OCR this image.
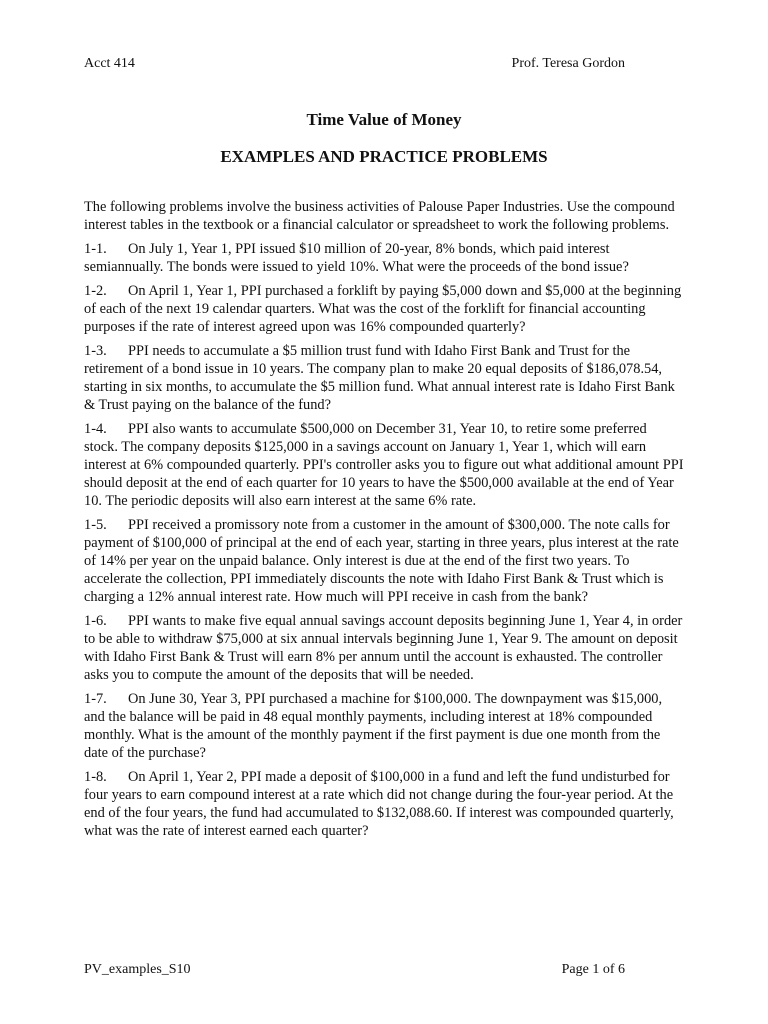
Acct 414	Prof. Teresa Gordon
Time Value of Money
EXAMPLES AND PRACTICE PROBLEMS

The following problems involve the business activities of Palouse Paper Industries. Use the compound interest tables in the textbook or a financial calculator or spreadsheet to work the following problems.

1-1. On July 1, Year 1, PPI issued $10 million of 20-year, 8% bonds, which paid interest semiannually. The bonds were issued to yield 10%. What were the proceeds of the bond issue?

1-2. On April 1, Year 1, PPI purchased a forklift by paying $5,000 down and $5,000 at the beginning of each of the next 19 calendar quarters. What was the cost of the forklift for financial accounting purposes if the rate of interest agreed upon was 16% compounded quarterly?

1-3. PPI needs to accumulate a $5 million trust fund with Idaho First Bank and Trust for the retirement of a bond issue in 10 years. The company plan to make 20 equal deposits of $186,078.54, starting in six months, to accumulate the $5 million fund. What annual interest rate is Idaho First Bank & Trust paying on the balance of the fund?

1-4. PPI also wants to accumulate $500,000 on December 31, Year 10, to retire some preferred stock. The company deposits $125,000 in a savings account on January 1, Year 1, which will earn interest at 6% compounded quarterly. PPI's controller asks you to figure out what additional amount PPI should deposit at the end of each quarter for 10 years to have the $500,000 available at the end of Year 10. The periodic deposits will also earn interest at the same 6% rate.

1-5. PPI received a promissory note from a customer in the amount of $300,000. The note calls for payment of $100,000 of principal at the end of each year, starting in three years, plus interest at the rate of 14% per year on the unpaid balance. Only interest is due at the end of the first two years. To accelerate the collection, PPI immediately discounts the note with Idaho First Bank & Trust which is charging a 12% annual interest rate. How much will PPI receive in cash from the bank?

1-6. PPI wants to make five equal annual savings account deposits beginning June 1, Year 4, in order to be able to withdraw $75,000 at six annual intervals beginning June 1, Year 9. The amount on deposit with Idaho First Bank & Trust will earn 8% per annum until the account is exhausted. The controller asks you to compute the amount of the deposits that will be needed.

1-7. On June 30, Year 3, PPI purchased a machine for $100,000. The downpayment was $15,000, and the balance will be paid in 48 equal monthly payments, including interest at 18% compounded monthly. What is the amount of the monthly payment if the first payment is due one month from the date of the purchase?

1-8. On April 1, Year 2, PPI made a deposit of $100,000 in a fund and left the fund undisturbed for four years to earn compound interest at a rate which did not change during the four-year period. At the end of the four years, the fund had accumulated to $132,088.60. If interest was compounded quarterly, what was the rate of interest earned each quarter?

PV_examples_S10	Page 1 of 6
